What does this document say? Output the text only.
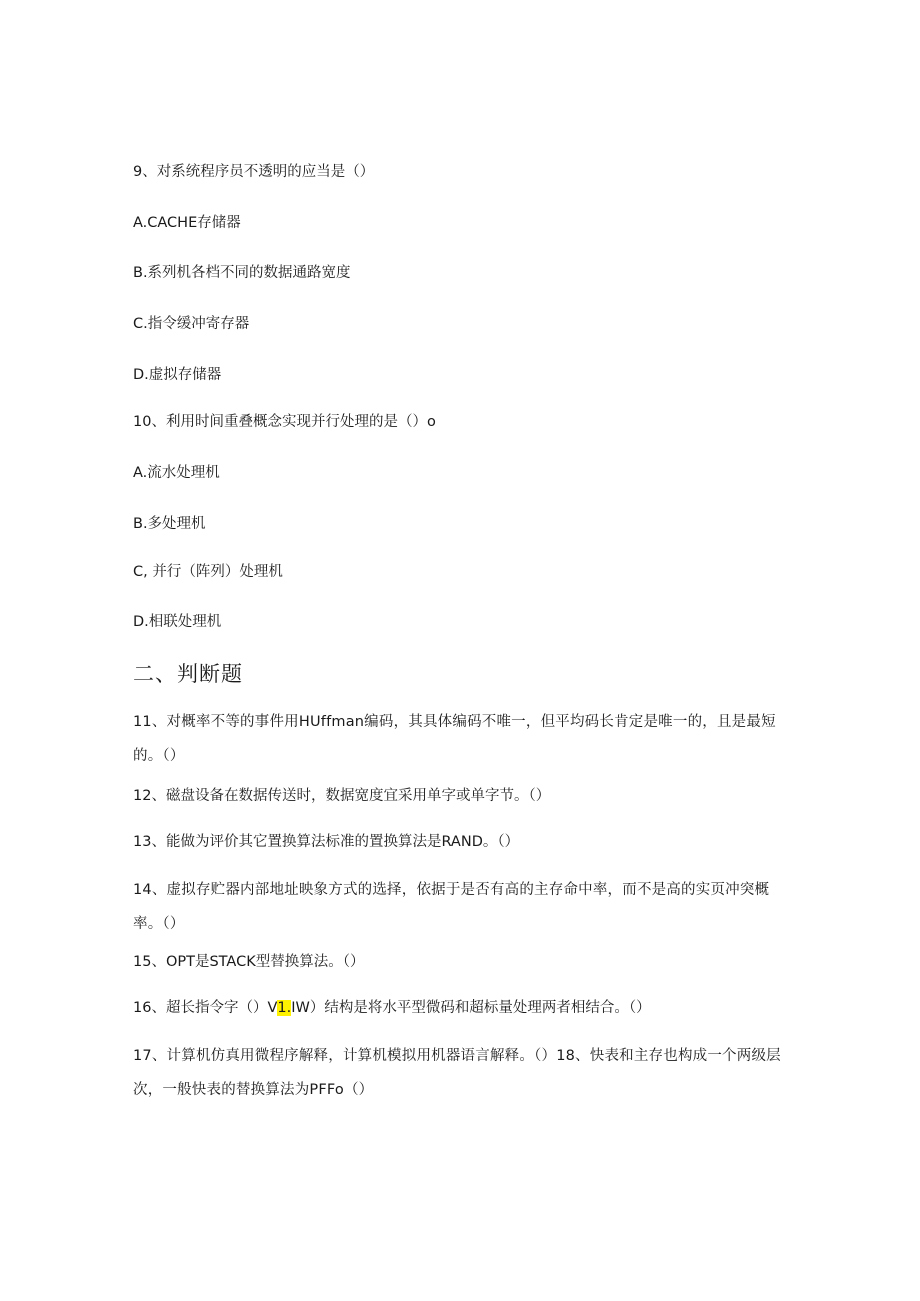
9、对系统程序员不透明的应当是（）
A.CACHE存储器
B.系列机各档不同的数据通路宽度
C.指令缓冲寄存器
D.虚拟存储器
10、利用时间重叠概念实现并行处理的是（）o
A.流水处理机
B.多处理机
C, 并行（阵列）处理机
D.相联处理机
二、判断题
11、对概率不等的事件用HUffman编码，其具体编码不唯一，但平均码长肯定是唯一的，且是最短的。（）
12、磁盘设备在数据传送时，数据宽度宜采用单字或单字节。（）
13、能做为评价其它置换算法标准的置换算法是RAND。（）
14、虚拟存贮器内部地址映象方式的选择，依据于是否有高的主存命中率，而不是高的实页冲突概率。（）
15、OPT是STACK型替换算法。（）
16、超长指令字（）V1.IW）结构是将水平型微码和超标量处理两者相结合。（）
17、计算机仿真用微程序解释，计算机模拟用机器语言解释。（）18、快表和主存也构成一个两级层次，一般快表的替换算法为PFFo（）
